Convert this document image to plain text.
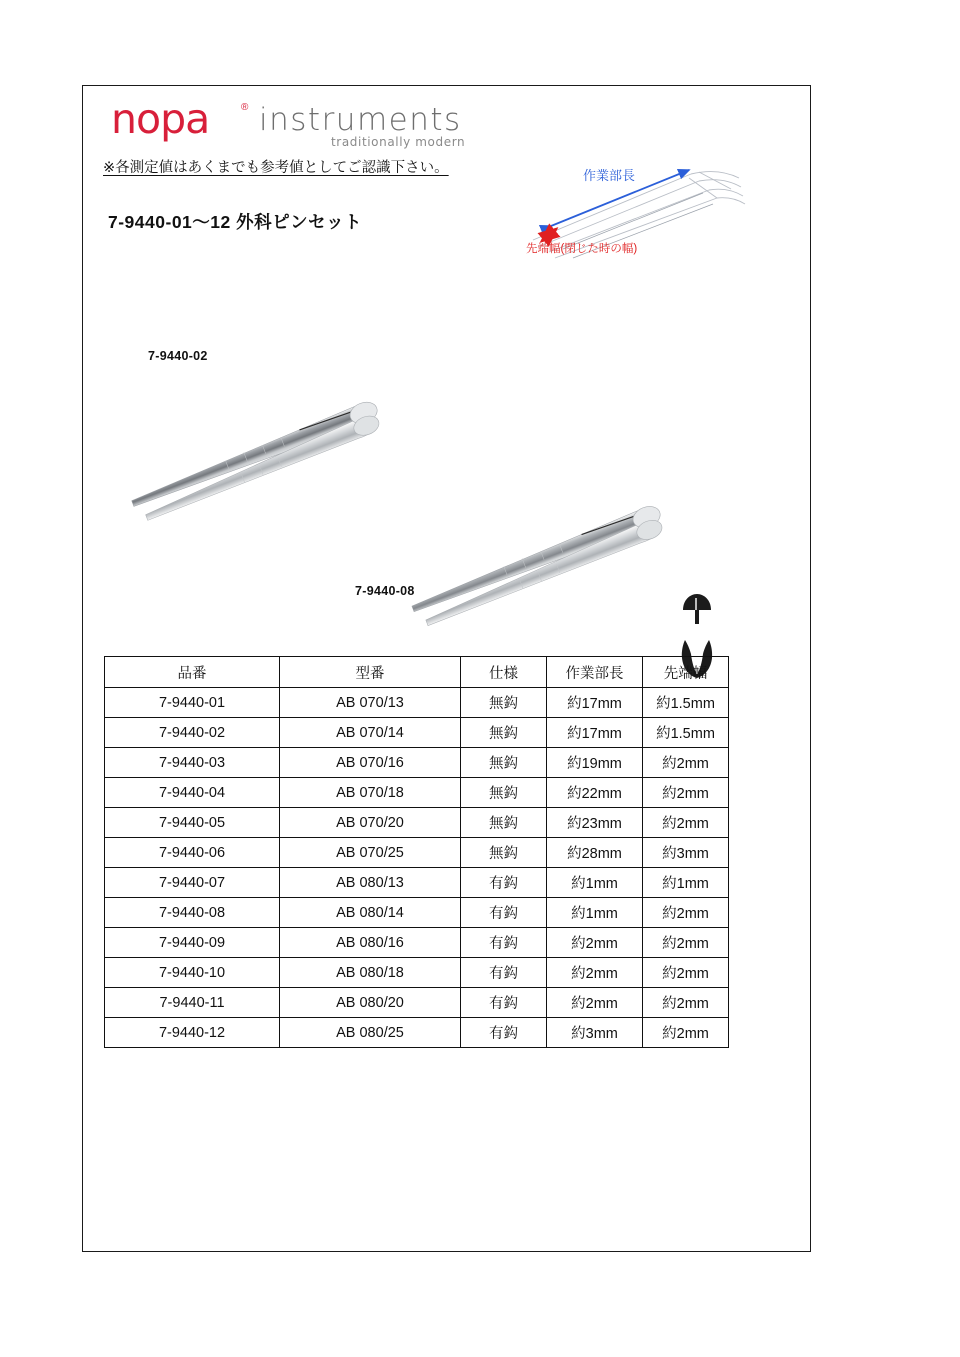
nopa	® instruments
traditionally modern
※各測定値はあくまでも参考値としてご認識下さい。
7-9440-01～12 外科ピンセット
作業部長
先端幅(閉じた時の幅)
7-9440-02
7-9440-08
品番	型番	仕様	作業部長	先端幅
7-9440-01	AB 070/13	無鈎	約17mm	約1.5mm
7-9440-02	AB 070/14	無鈎	約17mm	約1.5mm
7-9440-03	AB 070/16	無鈎	約19mm	約2mm
7-9440-04	AB 070/18	無鈎	約22mm	約2mm
7-9440-05	AB 070/20	無鈎	約23mm	約2mm
7-9440-06	AB 070/25	無鈎	約28mm	約3mm
7-9440-07	AB 080/13	有鈎	約1mm	約1mm
7-9440-08	AB 080/14	有鈎	約1mm	約2mm
7-9440-09	AB 080/16	有鈎	約2mm	約2mm
7-9440-10	AB 080/18	有鈎	約2mm	約2mm
7-9440-11	AB 080/20	有鈎	約2mm	約2mm
7-9440-12	AB 080/25	有鈎	約3mm	約2mm
